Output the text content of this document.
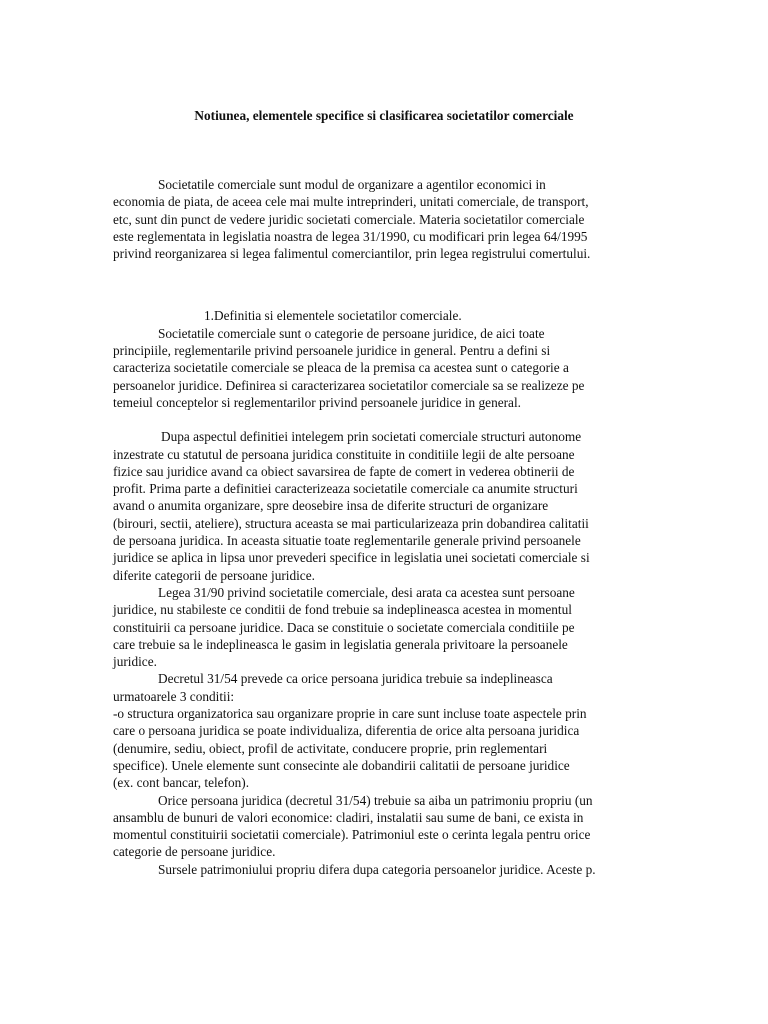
Notiunea, elementele specifice si clasificarea societatilor comerciale

Societatile comerciale sunt modul de organizare a agentilor economici in

economia de piata, de aceea cele mai multe intreprinderi, unitati comerciale, de transport,

etc, sunt din punct de vedere juridic societati comerciale. Materia societatilor comerciale

este reglementata in legislatia noastra de legea 31/1990, cu modificari prin legea 64/1995

privind reorganizarea si legea falimentul comerciantilor, prin legea registrului comertului.

1.Definitia si elementele societatilor comerciale.

Societatile comerciale sunt o categorie de persoane juridice, de aici toate

principiile, reglementarile privind persoanele juridice in general. Pentru a defini si

caracteriza societatile comerciale se pleaca de la premisa ca acestea sunt o categorie a

persoanelor juridice. Definirea si caracterizarea societatilor comerciale sa se realizeze pe

temeiul conceptelor si reglementarilor privind persoanele juridice in general.

Dupa aspectul definitiei intelegem prin societati comerciale structuri autonome

inzestrate cu statutul de persoana juridica constituite in conditiile legii de alte persoane

fizice sau juridice avand ca obiect savarsirea de fapte de comert in vederea obtinerii de

profit. Prima parte a definitiei caracterizeaza societatile comerciale ca anumite structuri

avand o anumita organizare, spre deosebire insa de diferite structuri de organizare

(birouri, sectii, ateliere), structura aceasta se mai particularizeaza prin dobandirea calitatii

de persoana juridica. In aceasta situatie toate reglementarile generale privind persoanele

juridice se aplica in lipsa unor prevederi specifice in legislatia unei societati comerciale si

diferite categorii de persoane juridice.

Legea 31/90 privind societatile comerciale, desi arata ca acestea sunt persoane

juridice, nu stabileste ce conditii de fond trebuie sa indeplineasca acestea in momentul

constituirii ca persoane juridice. Daca se constituie o societate comerciala conditiile pe

care trebuie sa le indeplineasca le gasim in legislatia generala privitoare la persoanele

juridice.

Decretul 31/54 prevede ca orice persoana juridica trebuie sa indeplineasca

urmatoarele 3 conditii:

-o structura organizatorica sau organizare proprie in care sunt incluse toate aspectele prin

care o persoana juridica se poate individualiza, diferentia de orice alta persoana juridica

(denumire, sediu, obiect, profil de activitate, conducere proprie, prin reglementari

specifice). Unele elemente sunt consecinte ale dobandirii calitatii de persoane juridice

(ex. cont bancar, telefon).

Orice persoana juridica (decretul 31/54) trebuie sa aiba un patrimoniu propriu (un

ansamblu de bunuri de valori economice: cladiri, instalatii sau sume de bani, ce exista in

momentul constituirii societatii comerciale). Patrimoniul este o cerinta legala pentru orice

categorie de persoane juridice.

Sursele patrimoniului propriu difera dupa categoria persoanelor juridice. Aceste p.
